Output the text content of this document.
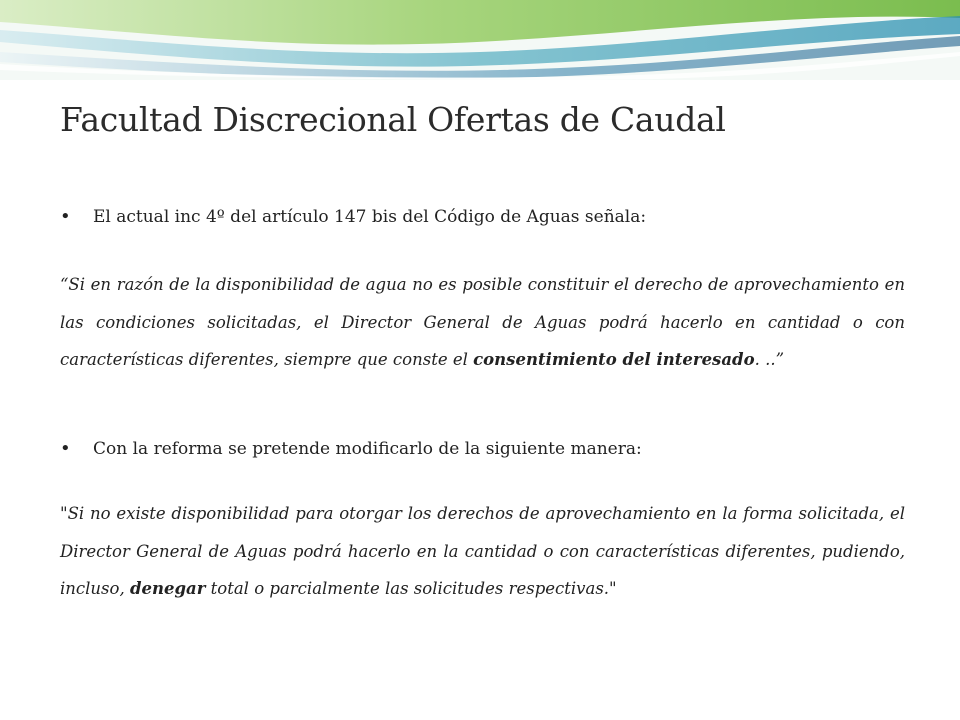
Facultad Discrecional Ofertas de Caudal
• El actual inc 4º del artículo 147 bis del Código de Aguas señala:

“Si en razón de la disponibilidad de agua no es posible constituir el derecho de aprovechamiento en las condiciones solicitadas, el Director General de Aguas podrá hacerlo en cantidad o con características diferentes, siempre que conste el consentimiento del interesado. ..”

• Con la reforma se pretende modificarlo de la siguiente manera:

"Si no existe disponibilidad para otorgar los derechos de aprovechamiento en la forma solicitada, el Director General de Aguas podrá hacerlo en la cantidad o con características diferentes, pudiendo, incluso, denegar total o parcialmente las solicitudes respectivas."
